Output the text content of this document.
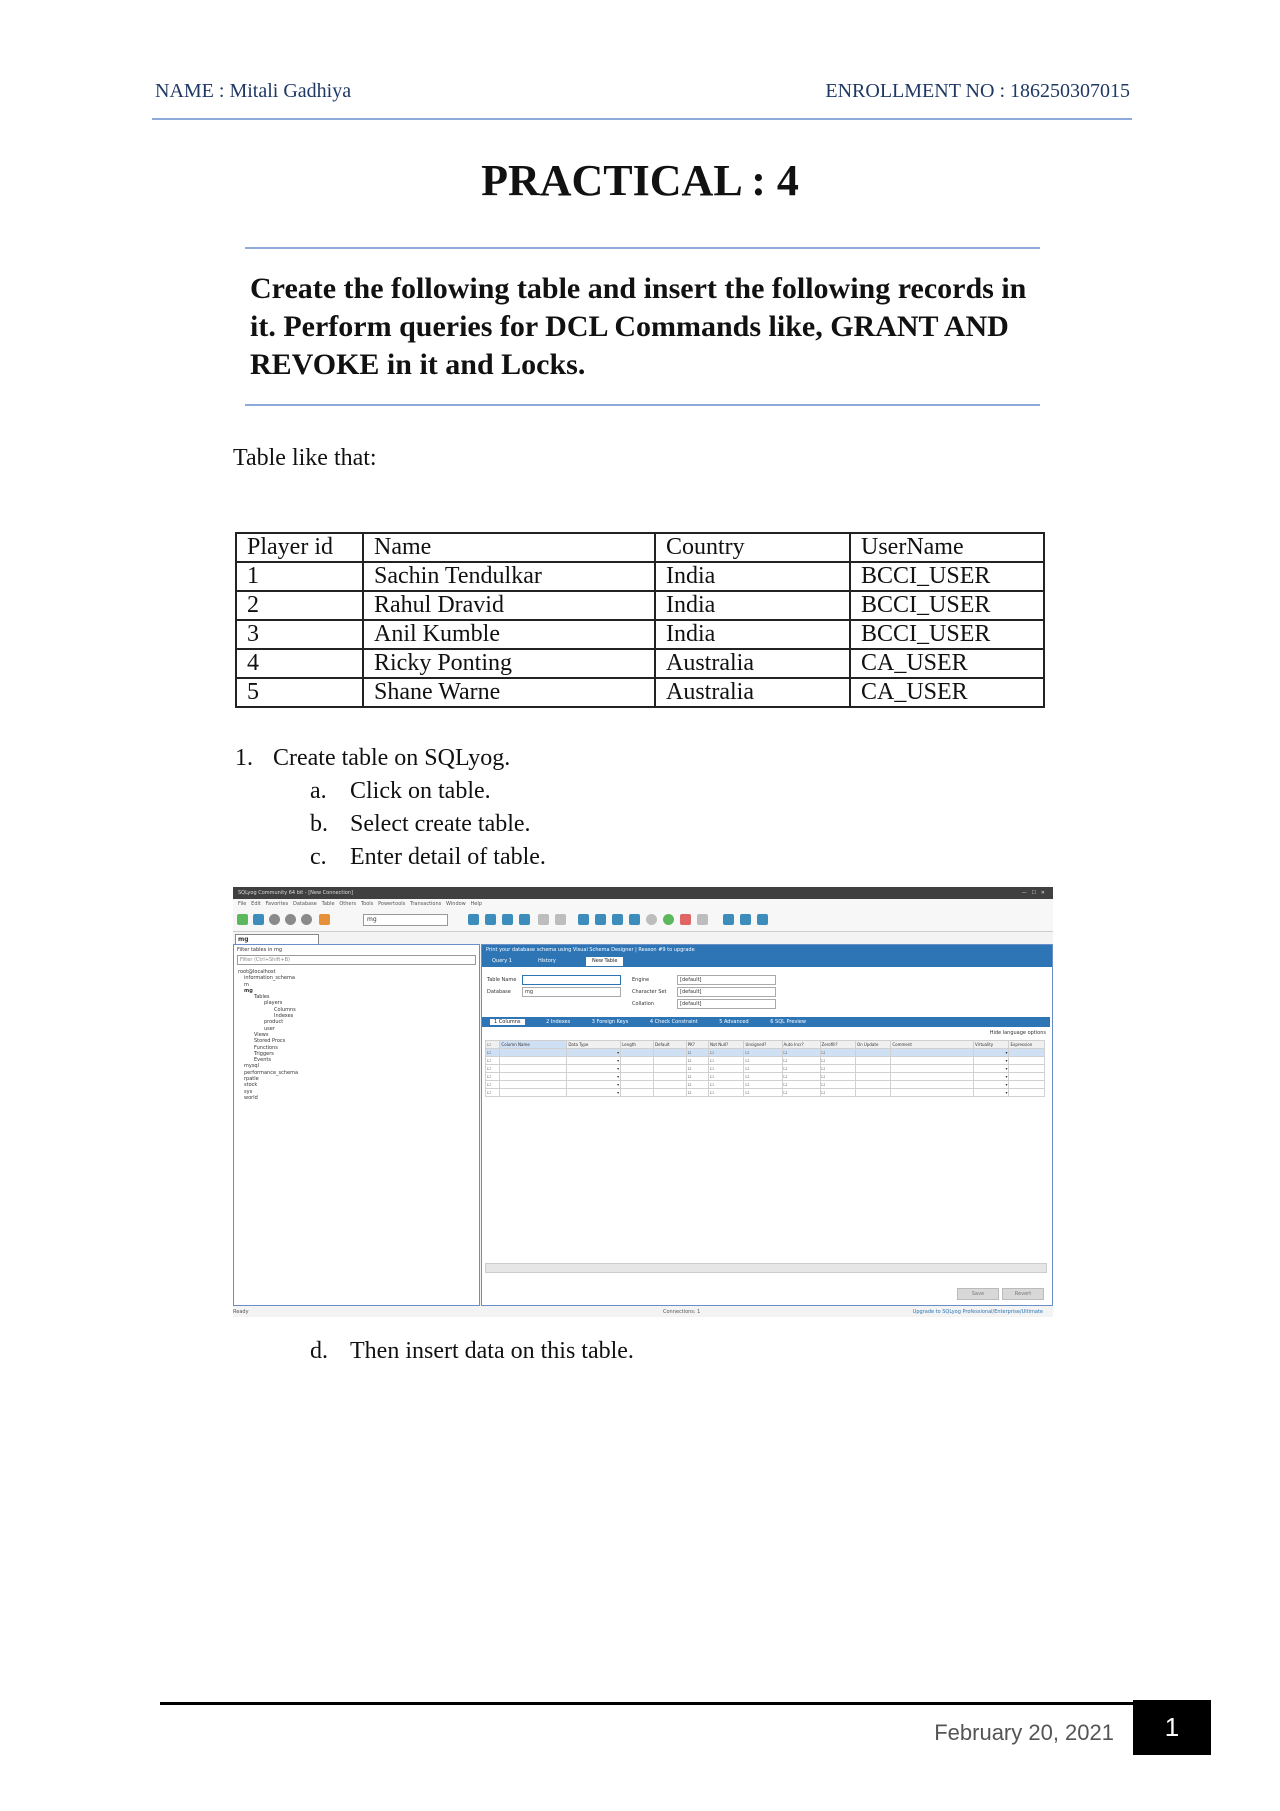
NAME : Mitali Gadhiya	ENROLLMENT NO : 186250307015
PRACTICAL : 4
Create the following table and insert the following records in it. Perform queries for DCL Commands like, GRANT AND REVOKE in it and Locks.
Table like that:
Player id	Name	Country	UserName
1	Sachin Tendulkar	India	BCCI_USER
2	Rahul Dravid	India	BCCI_USER
3	Anil Kumble	India	BCCI_USER
4	Ricky Ponting	Australia	CA_USER
5	Shane Warne	Australia	CA_USER
1. Create table on SQLyog.
a. Click on table.
b. Select create table.
c. Enter detail of table.
SQLyog Community 64 bit - [New Connection]	—   ☐   ✕
File Edit Favorites Database Table Others Tools Powertools Transactions Window Help
mg
mg
Filter tables in mg
Filter (Ctrl+Shift+B)
root@localhost
information_schema
m
mg
Tables
players
Columns
Indexes
product
user
Views
Stored Procs
Functions
Triggers
Events
mysql
performance_schema
rpatle
stock
sys
world
Print your database schema using Visual Schema Designer | Reason #9 to upgrade
Query 1	History	New Table
Table Name
Database	mg
Engine	[default]
Character Set	[default]
Collation	[default]
1 Columns	2 Indexes	3 Foreign Keys	4 Check Constraint	5 Advanced	6 SQL Preview
Hide language options
☐	Column Name	Data Type	Length	Default	PK?	Not Null?	Unsigned?	Auto Incr?	Zerofill?	On Update	Comment	Virtuality	Expression
☐		▾			☐	☐	☐	☐	☐			▾	
☐		▾			☐	☐	☐	☐	☐			▾	
☐		▾			☐	☐	☐	☐	☐			▾	
☐		▾			☐	☐	☐	☐	☐			▾	
☐		▾			☐	☐	☐	☐	☐			▾	
☐		▾			☐	☐	☐	☐	☐			▾	
Save	Revert
Ready	Connections: 1	Upgrade to SQLyog Professional/Enterprise/Ultimate
d. Then insert data on this table.
February 20, 2021	1
